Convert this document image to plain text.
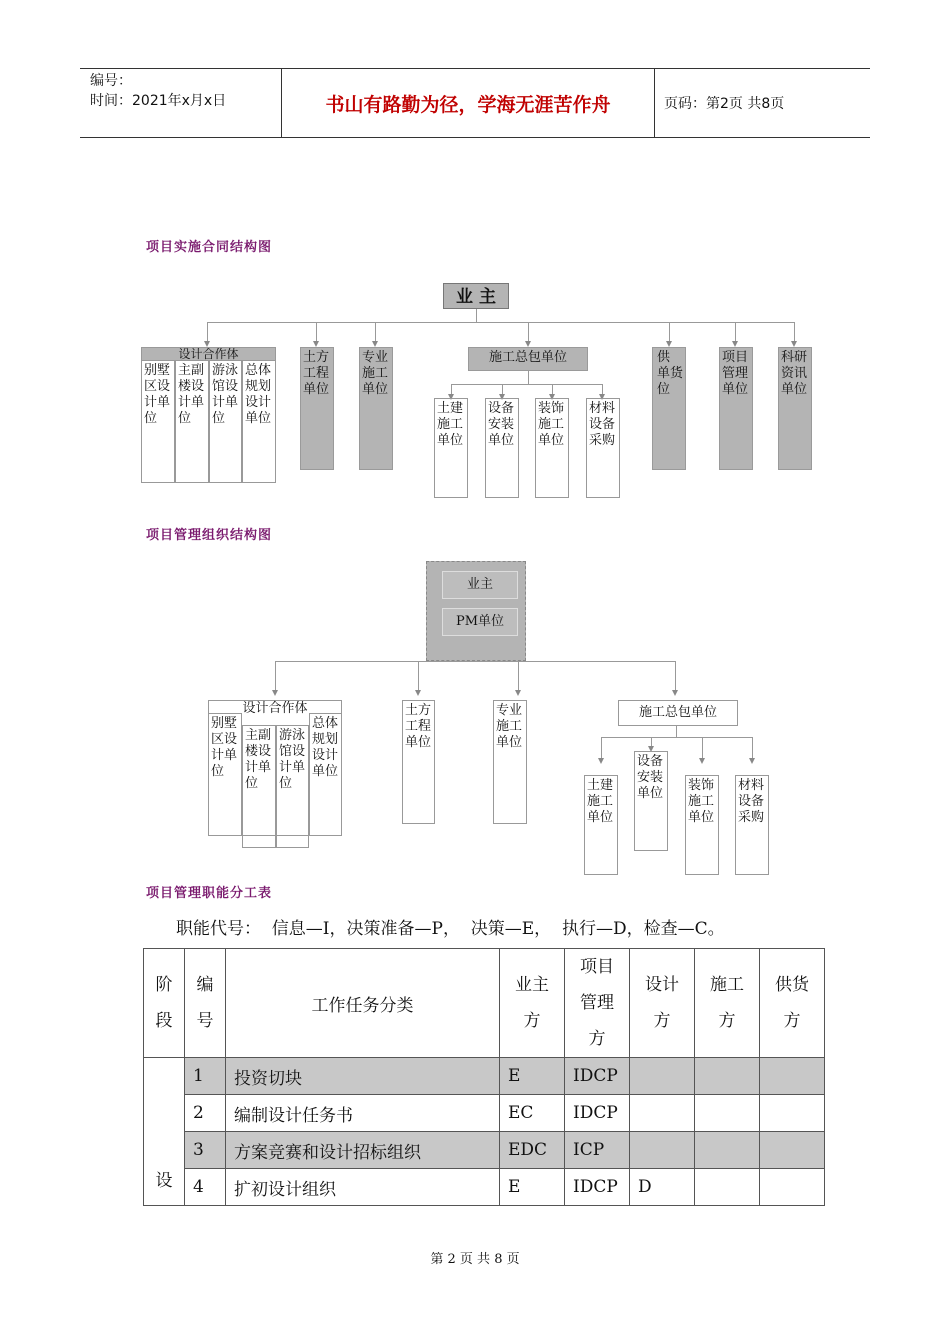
编号：
时间：2021年x月x日	书山有路勤为径，学海无涯苦作舟	页码：第2页 共8页
项目实施合同结构图
业 主
设计合作体
别墅区设计单位
主副楼设计单位
游泳馆设计单位
总体规划设计单位
土方工程单位
专业施工单位
施工总包单位
土建施工单位
设备安装单位
装饰施工单位
材料设备采购
供 单货位
项目管理单位
科研资讯单位
项目管理组织结构图
业主
PM单位
设计合作体
别墅区设计单位
主副楼设计单位
游泳馆设计单位
总体规划设计单位
土方工程单位
专业施工单位
施工总包单位
土建施工单位
设备安装单位
装饰施工单位
材料设备采购
项目管理职能分工表
职能代号：  信息—I，决策准备—P，  决策—E，  执行—D，检查—C。
阶段	编号	工作任务分类	业主方	项目管理方	设计方	施工方	供货方
设	1	投资切块	E	IDCP			
	2	编制设计任务书	EC	IDCP			
	3	方案竞赛和设计招标组织	EDC	ICP			
	4	扩初设计组织	E	IDCP	D		
第 2 页 共 8 页
